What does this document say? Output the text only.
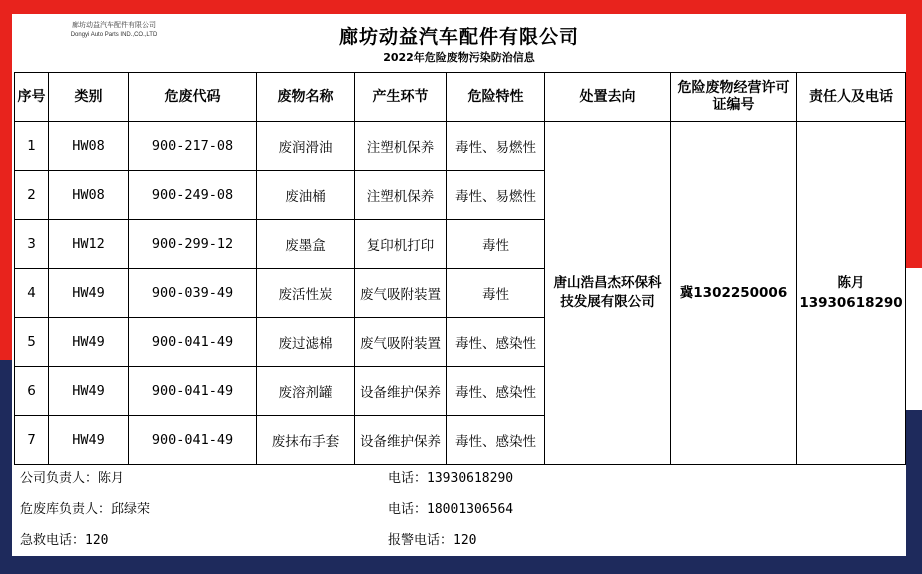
廊坊动益汽车配件有限公司
Dongyi Auto Parts IND.,CO.,LTD	廊坊动益汽车配件有限公司
2022年危险废物污染防治信息
序号	类别	危废代码	废物名称	产生环节	危险特性	处置去向	危险废物经营许可证编号	责任人及电话
1	HW08	900-217-08	废润滑油	注塑机保养	毒性、易燃性	唐山浩昌杰环保科技发展有限公司	冀1302250006	陈月
13930618290

2	HW08	900-249-08	废油桶	注塑机保养	毒性、易燃性			
3	HW12	900-299-12	废墨盒	复印机打印	毒性			
4	HW49	900-039-49	废活性炭	废气吸附装置	毒性			
5	HW49	900-041-49	废过滤棉	废气吸附装置	毒性、感染性			
6	HW49	900-041-49	废溶剂罐	设备维护保养	毒性、感染性			
7	HW49	900-041-49	废抹布手套	设备维护保养	毒性、感染性			
公司负责人：陈月	电话：13930618290
危废库负责人：邱绿荣	电话：18001306564
急救电话：120	报警电话：120
